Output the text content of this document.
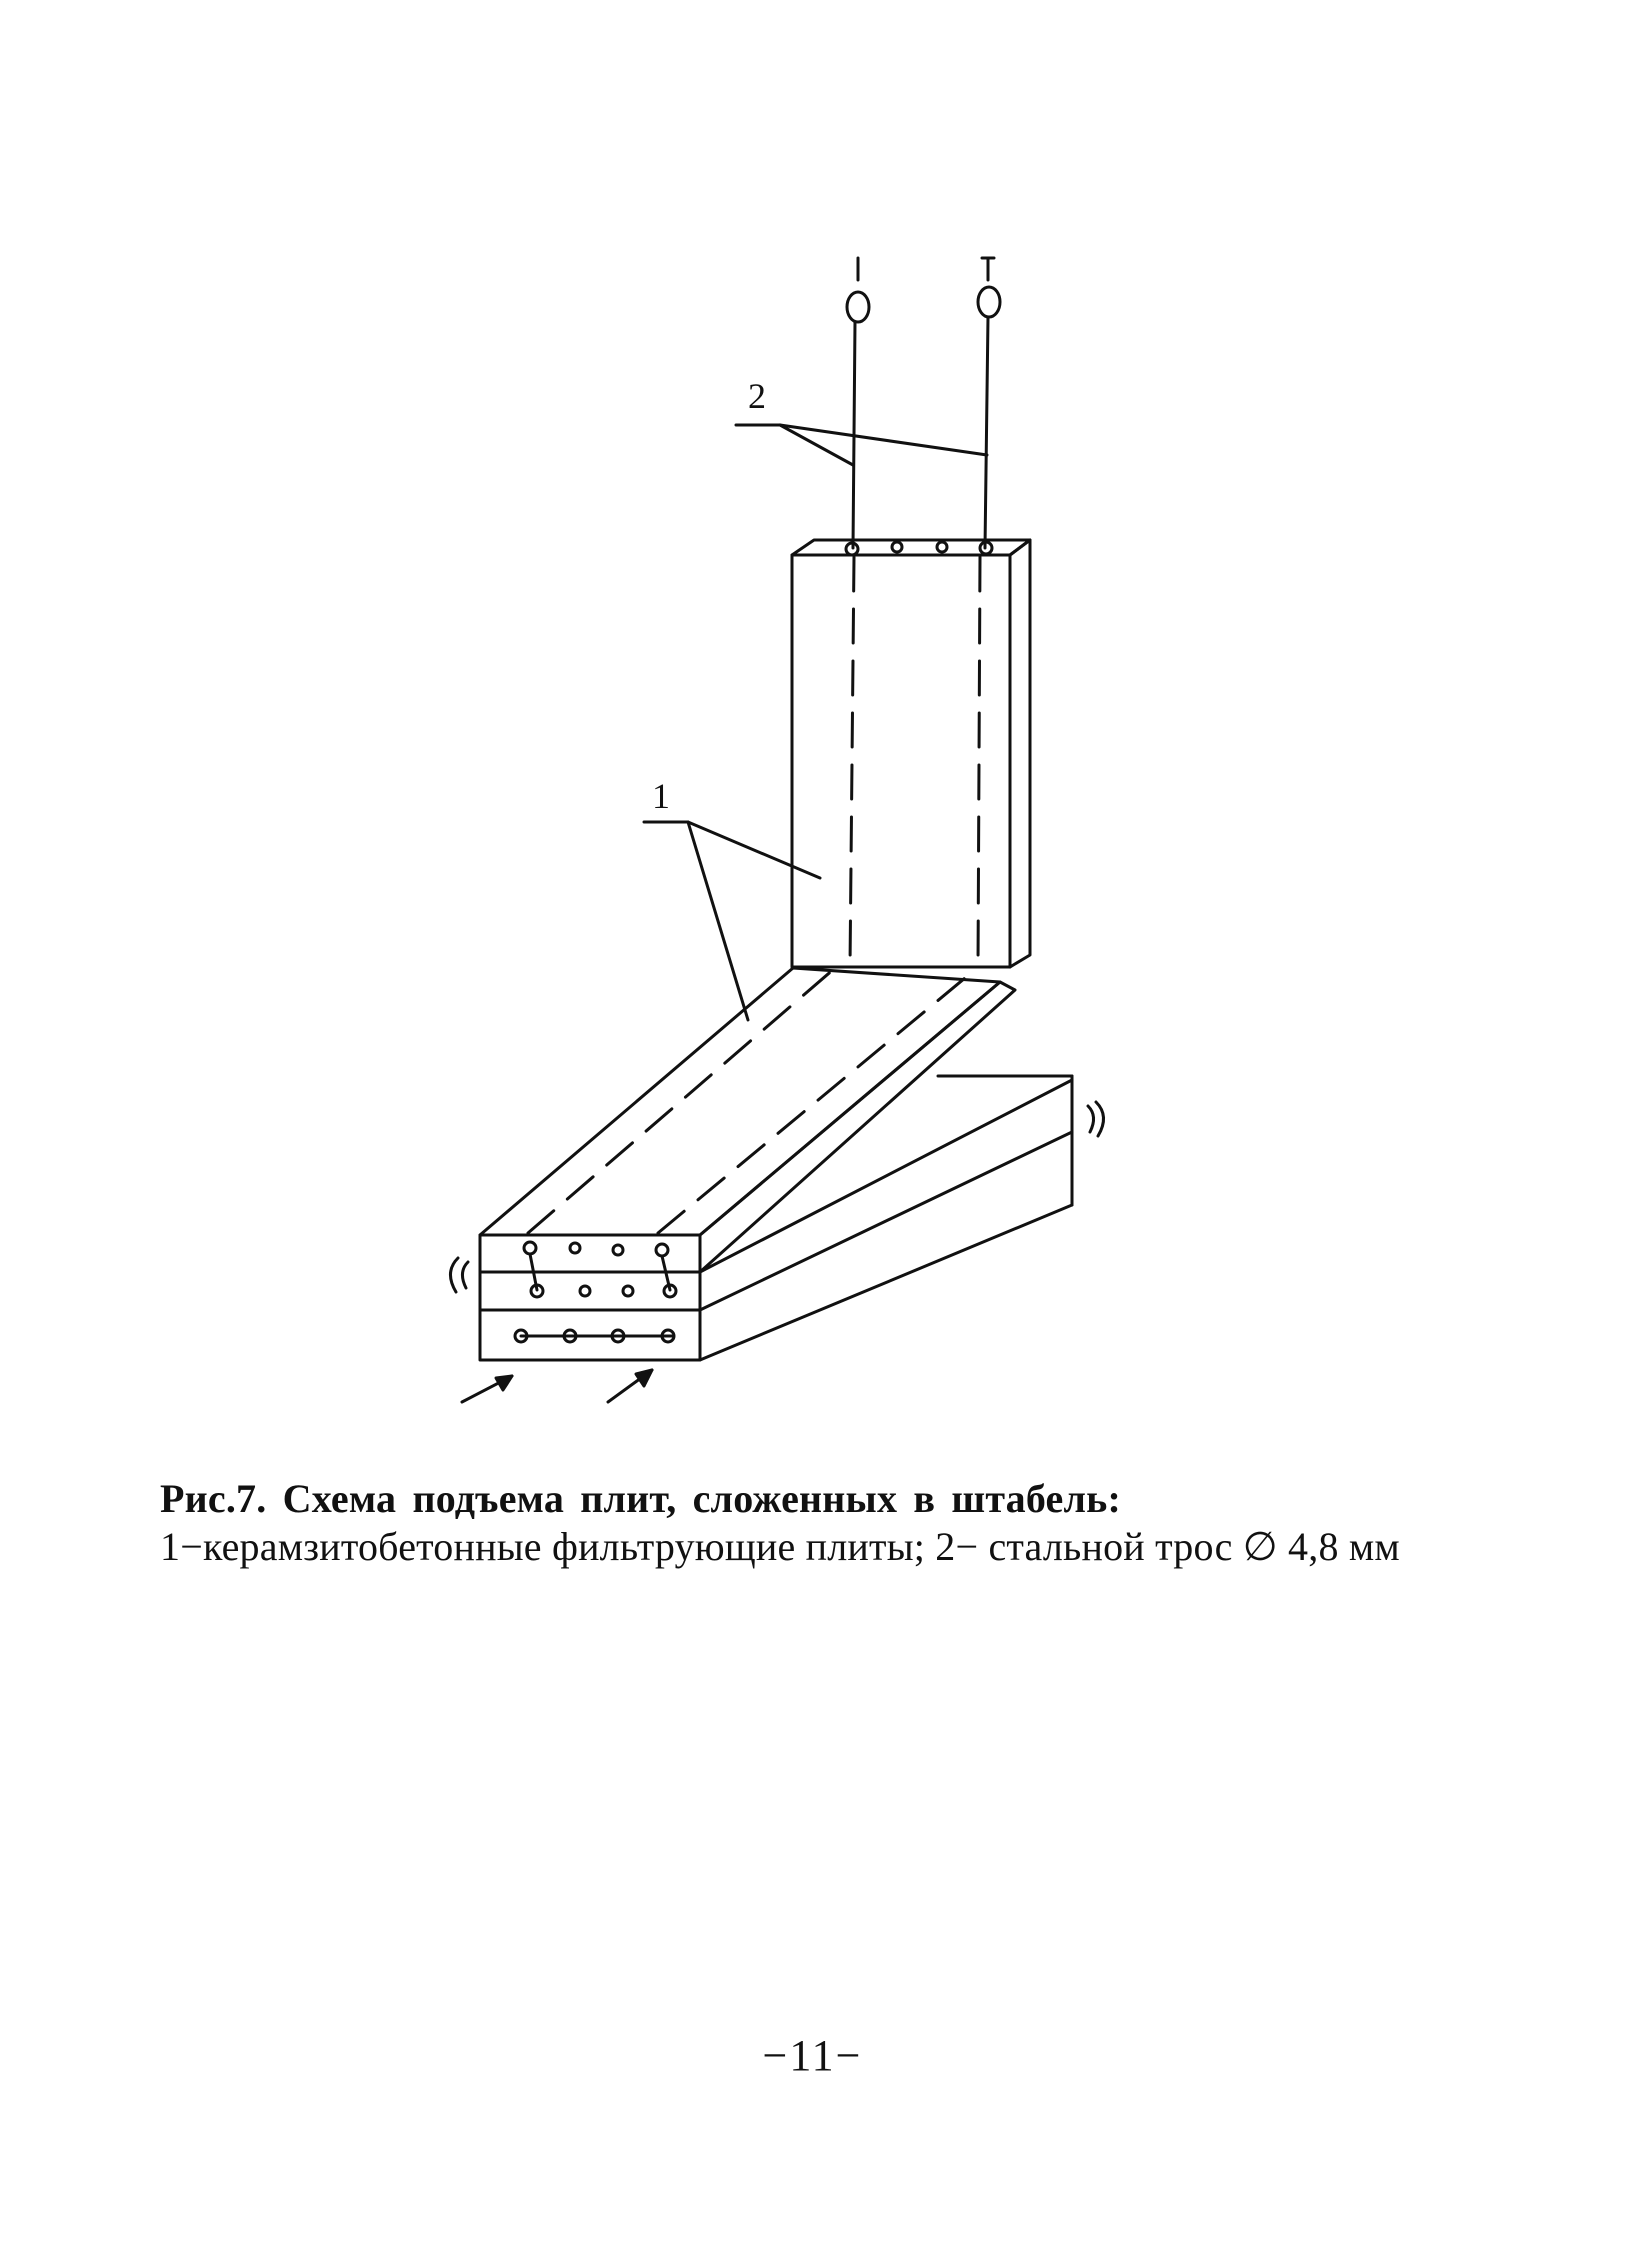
1
2
Рис.7. Схема подъема плит, сложенных в штабель:
1−керамзитобетонные фильтрующие плиты; 2− стальной трос ∅ 4,8 мм
−11−
